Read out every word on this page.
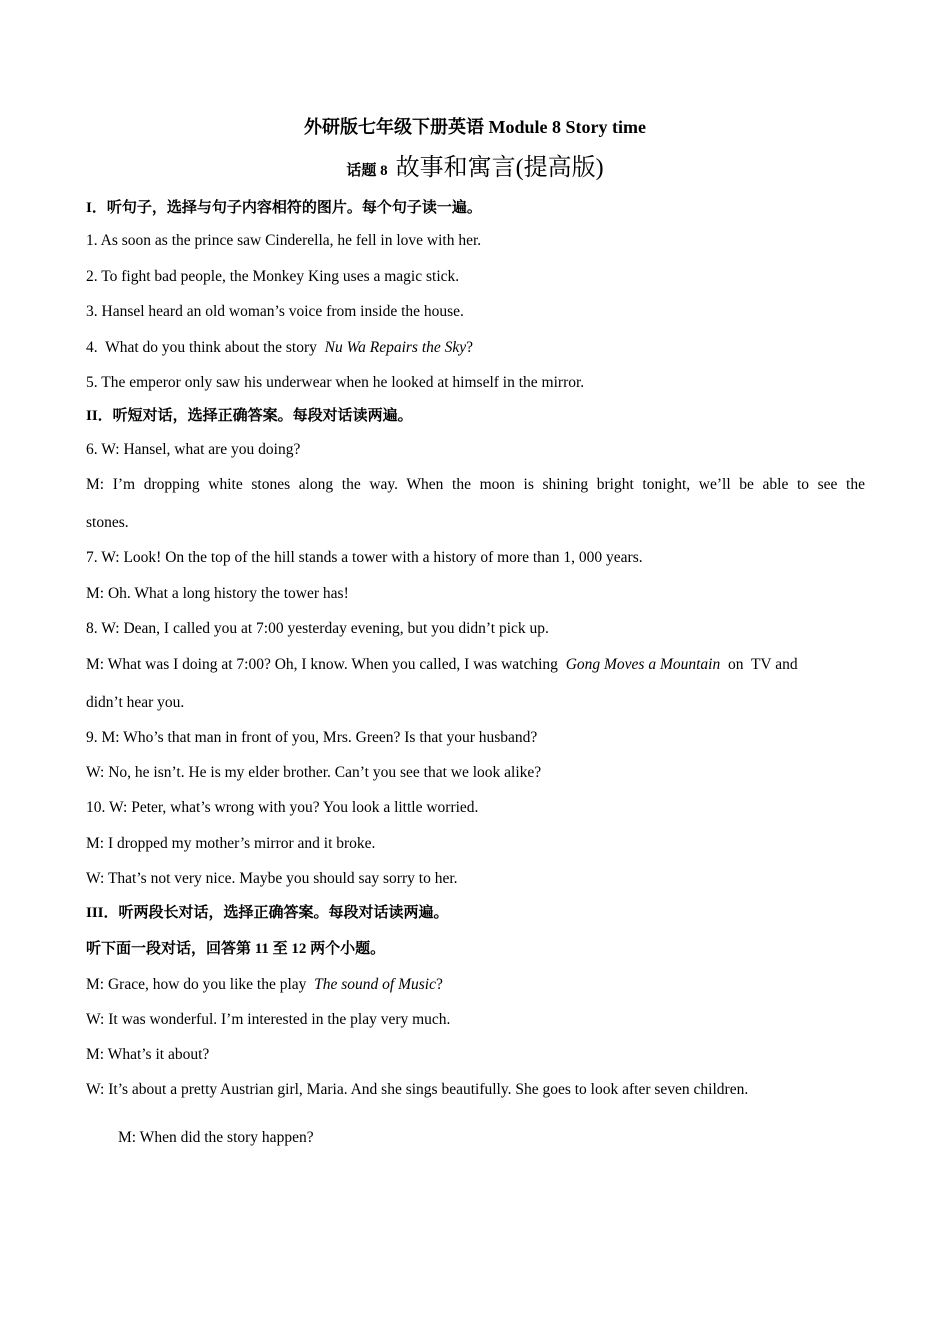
外研版七年级下册英语 Module 8 Story time
话题 8 故事和寓言(提高版)
I．听句子，选择与句子内容相符的图片。每个句子读一遍。
1. As soon as the prince saw Cinderella, he fell in love with her.
2. To fight bad people, the Monkey King uses a magic stick.
3. Hansel heard an old woman’s voice from inside the house.
4.  What do you think about the story  Nu Wa Repairs the Sky?
5. The emperor only saw his underwear when he looked at himself in the mirror.
II．听短对话，选择正确答案。每段对话读两遍。
6. W: Hansel, what are you doing?
M: I’m dropping white stones along the way. When the moon is shining bright tonight, we’ll be able to see the
stones.
7. W: Look! On the top of the hill stands a tower with a history of more than 1, 000 years.
M: Oh. What a long history the tower has!
8. W: Dean, I called you at 7:00 yesterday evening, but you didn’t pick up.
M: What was I doing at 7:00? Oh, I know. When you called, I was watching  Gong Moves a Mountain  on  TV and
didn’t hear you.
9. M: Who’s that man in front of you, Mrs. Green? Is that your husband?
W: No, he isn’t. He is my elder brother. Can’t you see that we look alike?
10. W: Peter, what’s wrong with you? You look a little worried.
M: I dropped my mother’s mirror and it broke.
W: That’s not very nice. Maybe you should say sorry to her.
III．听两段长对话，选择正确答案。每段对话读两遍。
听下面一段对话，回答第 11 至 12 两个小题。
M: Grace, how do you like the play  The sound of Music?
W: It was wonderful. I’m interested in the play very much.
M: What’s it about?
W: It’s about a pretty Austrian girl, Maria. And she sings beautifully. She goes to look after seven children.
M: When did the story happen?
